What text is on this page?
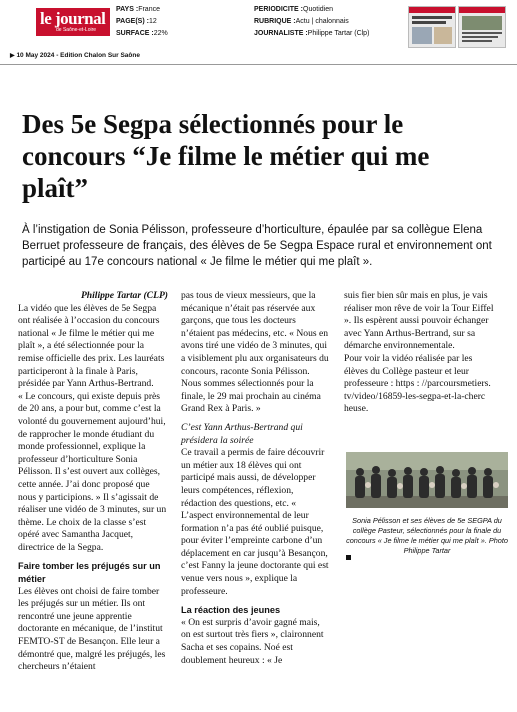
le journal
de Saône-et-Loire
PAYS :France
PAGE(S) :12
SURFACE :22%
PERIODICITE :Quotidien
RUBRIQUE :Actu | chalonnais
JOURNALISTE :Philippe Tartar (Clp)
▶ 10 May 2024 - Edition Chalon Sur Saône
Des 5e Segpa sélectionnés pour le concours “Je filme le métier qui me plaît”
À l’instigation de Sonia Pélisson, professeure d’horticulture, épaulée par sa collègue Elena Berruet professeure de français, des élèves de 5e Segpa Espace rural et environnement ont participé au 17e concours national « Je filme le métier qui me plaît ».

Philippe Tartar (CLP)

La vidéo que les élèves de 5e Segpa ont réalisée à l’occasion du concours national « Je filme le métier qui me plaît », a été sélectionnée pour la remise officielle des prix. Les lauréats participeront à la finale à Paris, présidée par Yann Arthus-Bertrand.

« Le concours, qui existe depuis près de 20 ans, a pour but, comme c’est la volonté du gouvernement aujourd’hui, de rapprocher le monde étudiant du monde professionnel, explique la professeur d’horticulture Sonia Pélisson. Il s’est ouvert aux collèges, cette année. J’ai donc proposé que nous y participions. » Il s’agissait de réaliser une vidéo de 3 minutes, sur un thème. Le choix de la classe s’est opéré avec Samantha Jacquet, directrice de la Segpa.

Faire tomber les préjugés sur un métier

Les élèves ont choisi de faire tomber les préjugés sur un métier. Ils ont rencontré une jeune apprentie doctorante en mécanique, de l’institut FEMTO-ST de Besançon. Elle leur a démontré que, malgré les préjugés, les chercheurs n’étaient

pas tous de vieux messieurs, que la mécanique n’était pas réservée aux garçons, que tous les docteurs n’étaient pas médecins, etc. « Nous en avons tiré une vidéo de 3 minutes, qui a visiblement plu aux organisateurs du concours, raconte Sonia Pélisson. Nous sommes sélectionnés pour la finale, le 29 mai prochain au cinéma Grand Rex à Paris. »

C’est Yann Arthus-Bertrand qui présidera la soirée

Ce travail a permis de faire découvrir un métier aux 18 élèves qui ont participé mais aussi, de développer leurs compétences, réflexion, rédaction des questions, etc. « L’aspect environnemental de leur formation n’a pas été oublié puisque, pour éviter l’empreinte carbone d’un déplacement en car jusqu’à Besançon, c’est Fanny la jeune doctorante qui est venue vers nous », explique la professeure.

La réaction des jeunes

« On est surpris d’avoir gagné mais, on est surtout très fiers », claironnent Sacha et ses copains. Noé est doublement heureux : « Je

suis fier bien sûr mais en plus, je vais réaliser mon rêve de voir la Tour Eiffel ». Ils espèrent aussi pouvoir échanger avec Yann Arthus-Bertrand, sur sa démarche environnementale.

Pour voir la vidéo réalisée par les élèves du Collège pasteur et leur professeure : https : //parcoursmetiers. tv/video/16859-les-segpa-et-la-cherc heuse.

Sonia Pélisson et ses élèves de 5e SEGPA du collège Pasteur, sélectionnés pour la finale du concours « Je filme le métier qui me plaît ». Photo Philippe Tartar
